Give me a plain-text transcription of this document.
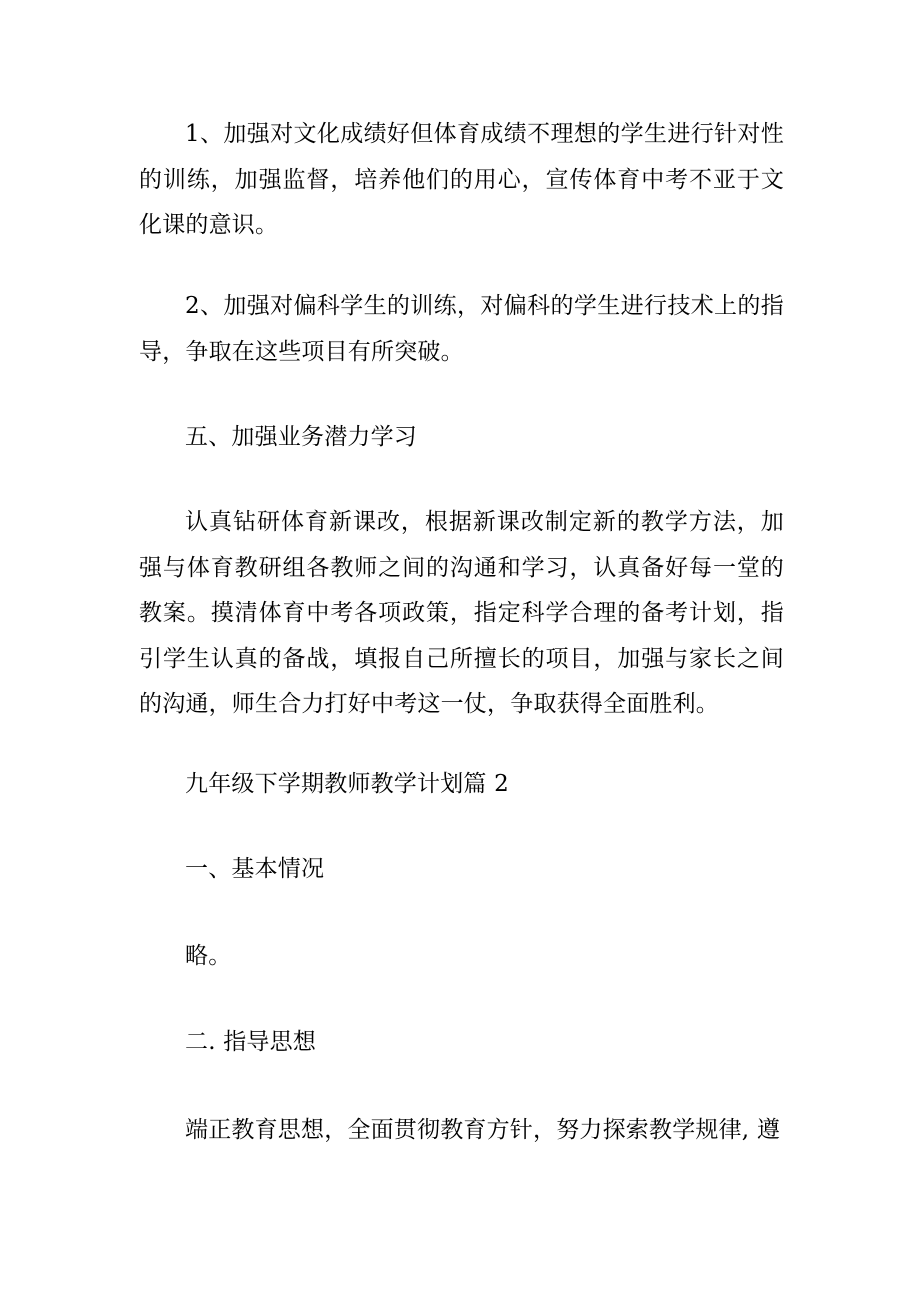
1、加强对文化成绩好但体育成绩不理想的学生进行针对性的训练，加强监督，培养他们的用心，宣传体育中考不亚于文化课的意识。

2、加强对偏科学生的训练，对偏科的学生进行技术上的指导，争取在这些项目有所突破。

五、加强业务潜力学习

认真钻研体育新课改，根据新课改制定新的教学方法，加强与体育教研组各教师之间的沟通和学习，认真备好每一堂的教案。摸清体育中考各项政策，指定科学合理的备考计划，指引学生认真的备战，填报自己所擅长的项目，加强与家长之间的沟通，师生合力打好中考这一仗，争取获得全面胜利。

九年级下学期教师教学计划篇 2

一、基本情况

略。

二. 指导思想

端正教育思想，全面贯彻教育方针，努力探索教学规律, 遵
